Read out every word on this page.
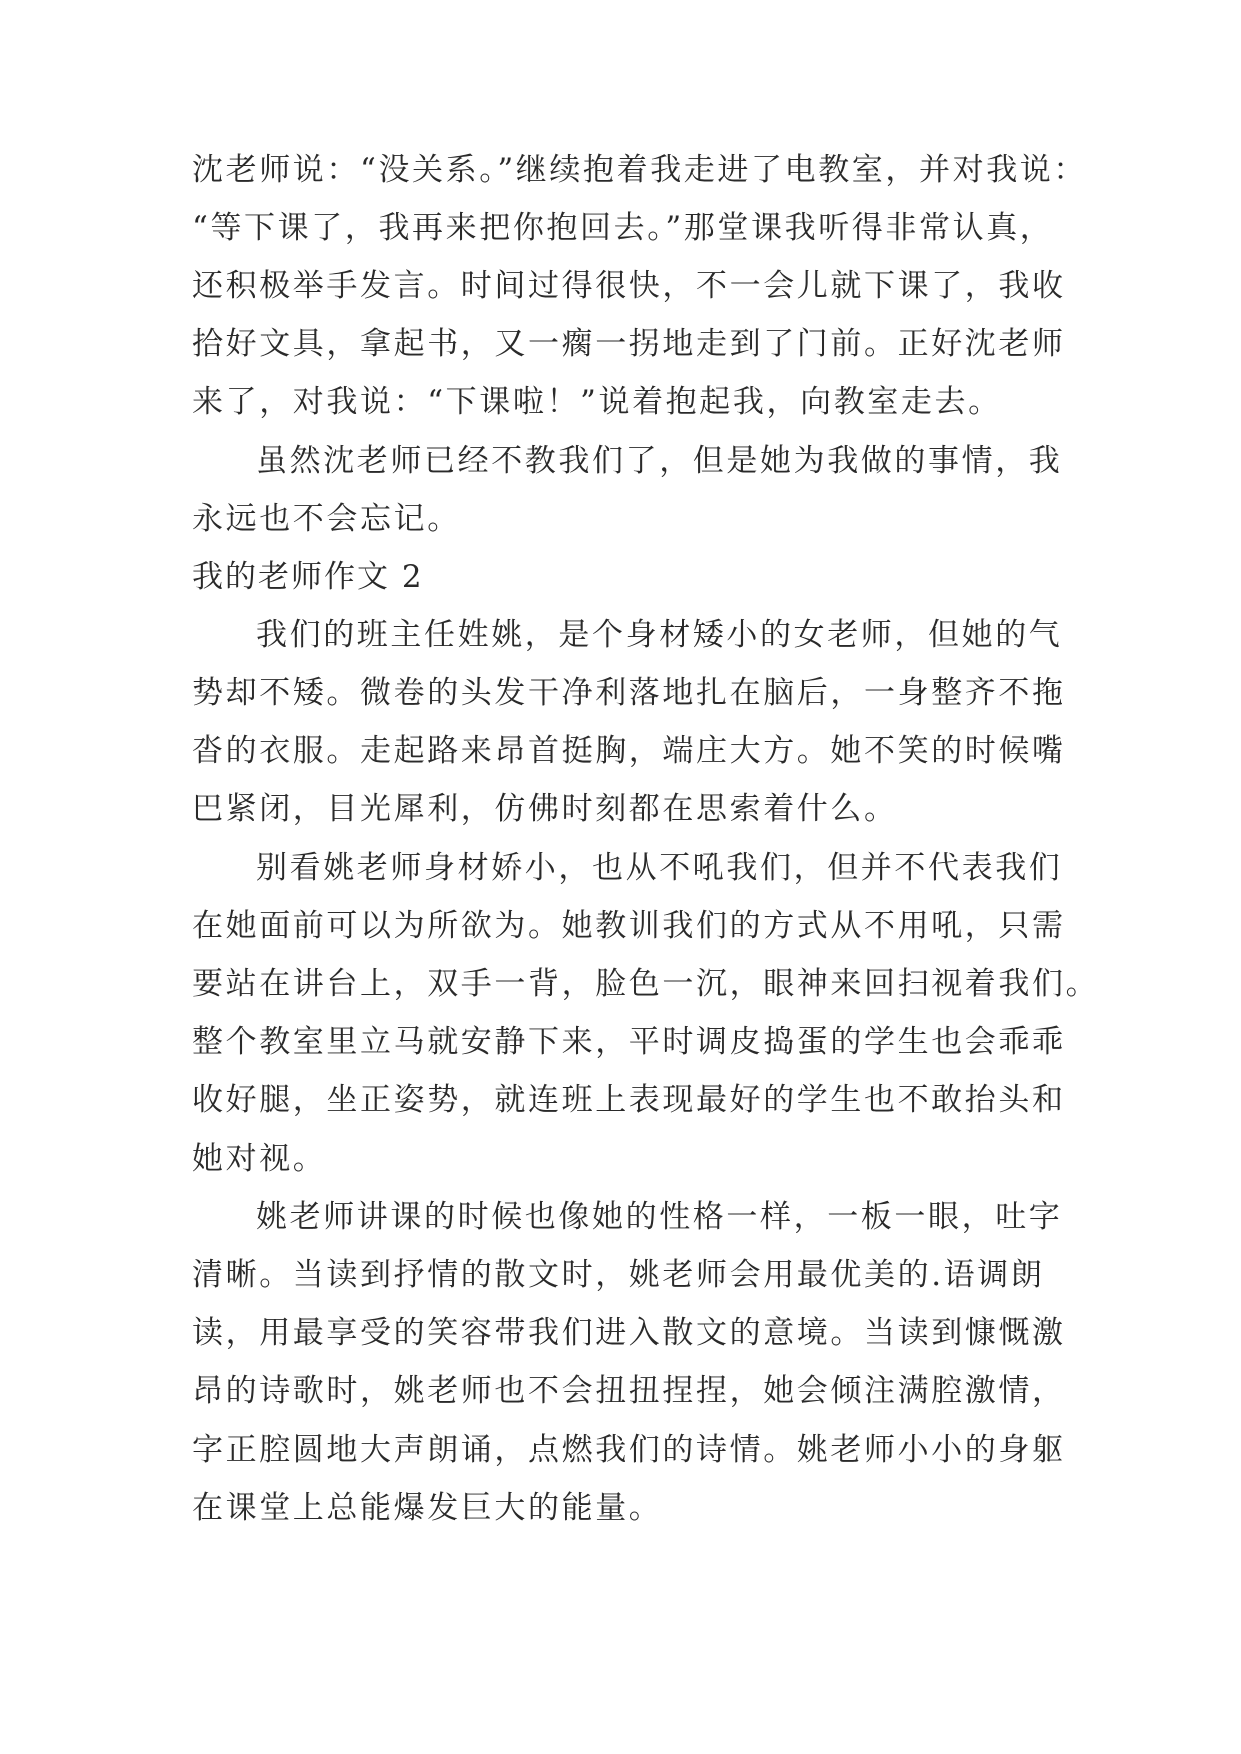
沈老师说：“没关系。”继续抱着我走进了电教室，并对我说：
“等下课了，我再来把你抱回去。”那堂课我听得非常认真，
还积极举手发言。时间过得很快，不一会儿就下课了，我收
拾好文具，拿起书，又一瘸一拐地走到了门前。正好沈老师
来了，对我说：“下课啦！”说着抱起我，向教室走去。
虽然沈老师已经不教我们了，但是她为我做的事情，我
永远也不会忘记。
我的老师作文 2
我们的班主任姓姚，是个身材矮小的女老师，但她的气
势却不矮。微卷的头发干净利落地扎在脑后，一身整齐不拖
沓的衣服。走起路来昂首挺胸，端庄大方。她不笑的时候嘴
巴紧闭，目光犀利，仿佛时刻都在思索着什么。
别看姚老师身材娇小，也从不吼我们，但并不代表我们
在她面前可以为所欲为。她教训我们的方式从不用吼，只需
要站在讲台上，双手一背，脸色一沉，眼神来回扫视着我们。
整个教室里立马就安静下来，平时调皮捣蛋的学生也会乖乖
收好腿，坐正姿势，就连班上表现最好的学生也不敢抬头和
她对视。
姚老师讲课的时候也像她的性格一样，一板一眼，吐字
清晰。当读到抒情的散文时，姚老师会用最优美的.语调朗
读，用最享受的笑容带我们进入散文的意境。当读到慷慨激
昂的诗歌时，姚老师也不会扭扭捏捏，她会倾注满腔激情，
字正腔圆地大声朗诵，点燃我们的诗情。姚老师小小的身躯
在课堂上总能爆发巨大的能量。
